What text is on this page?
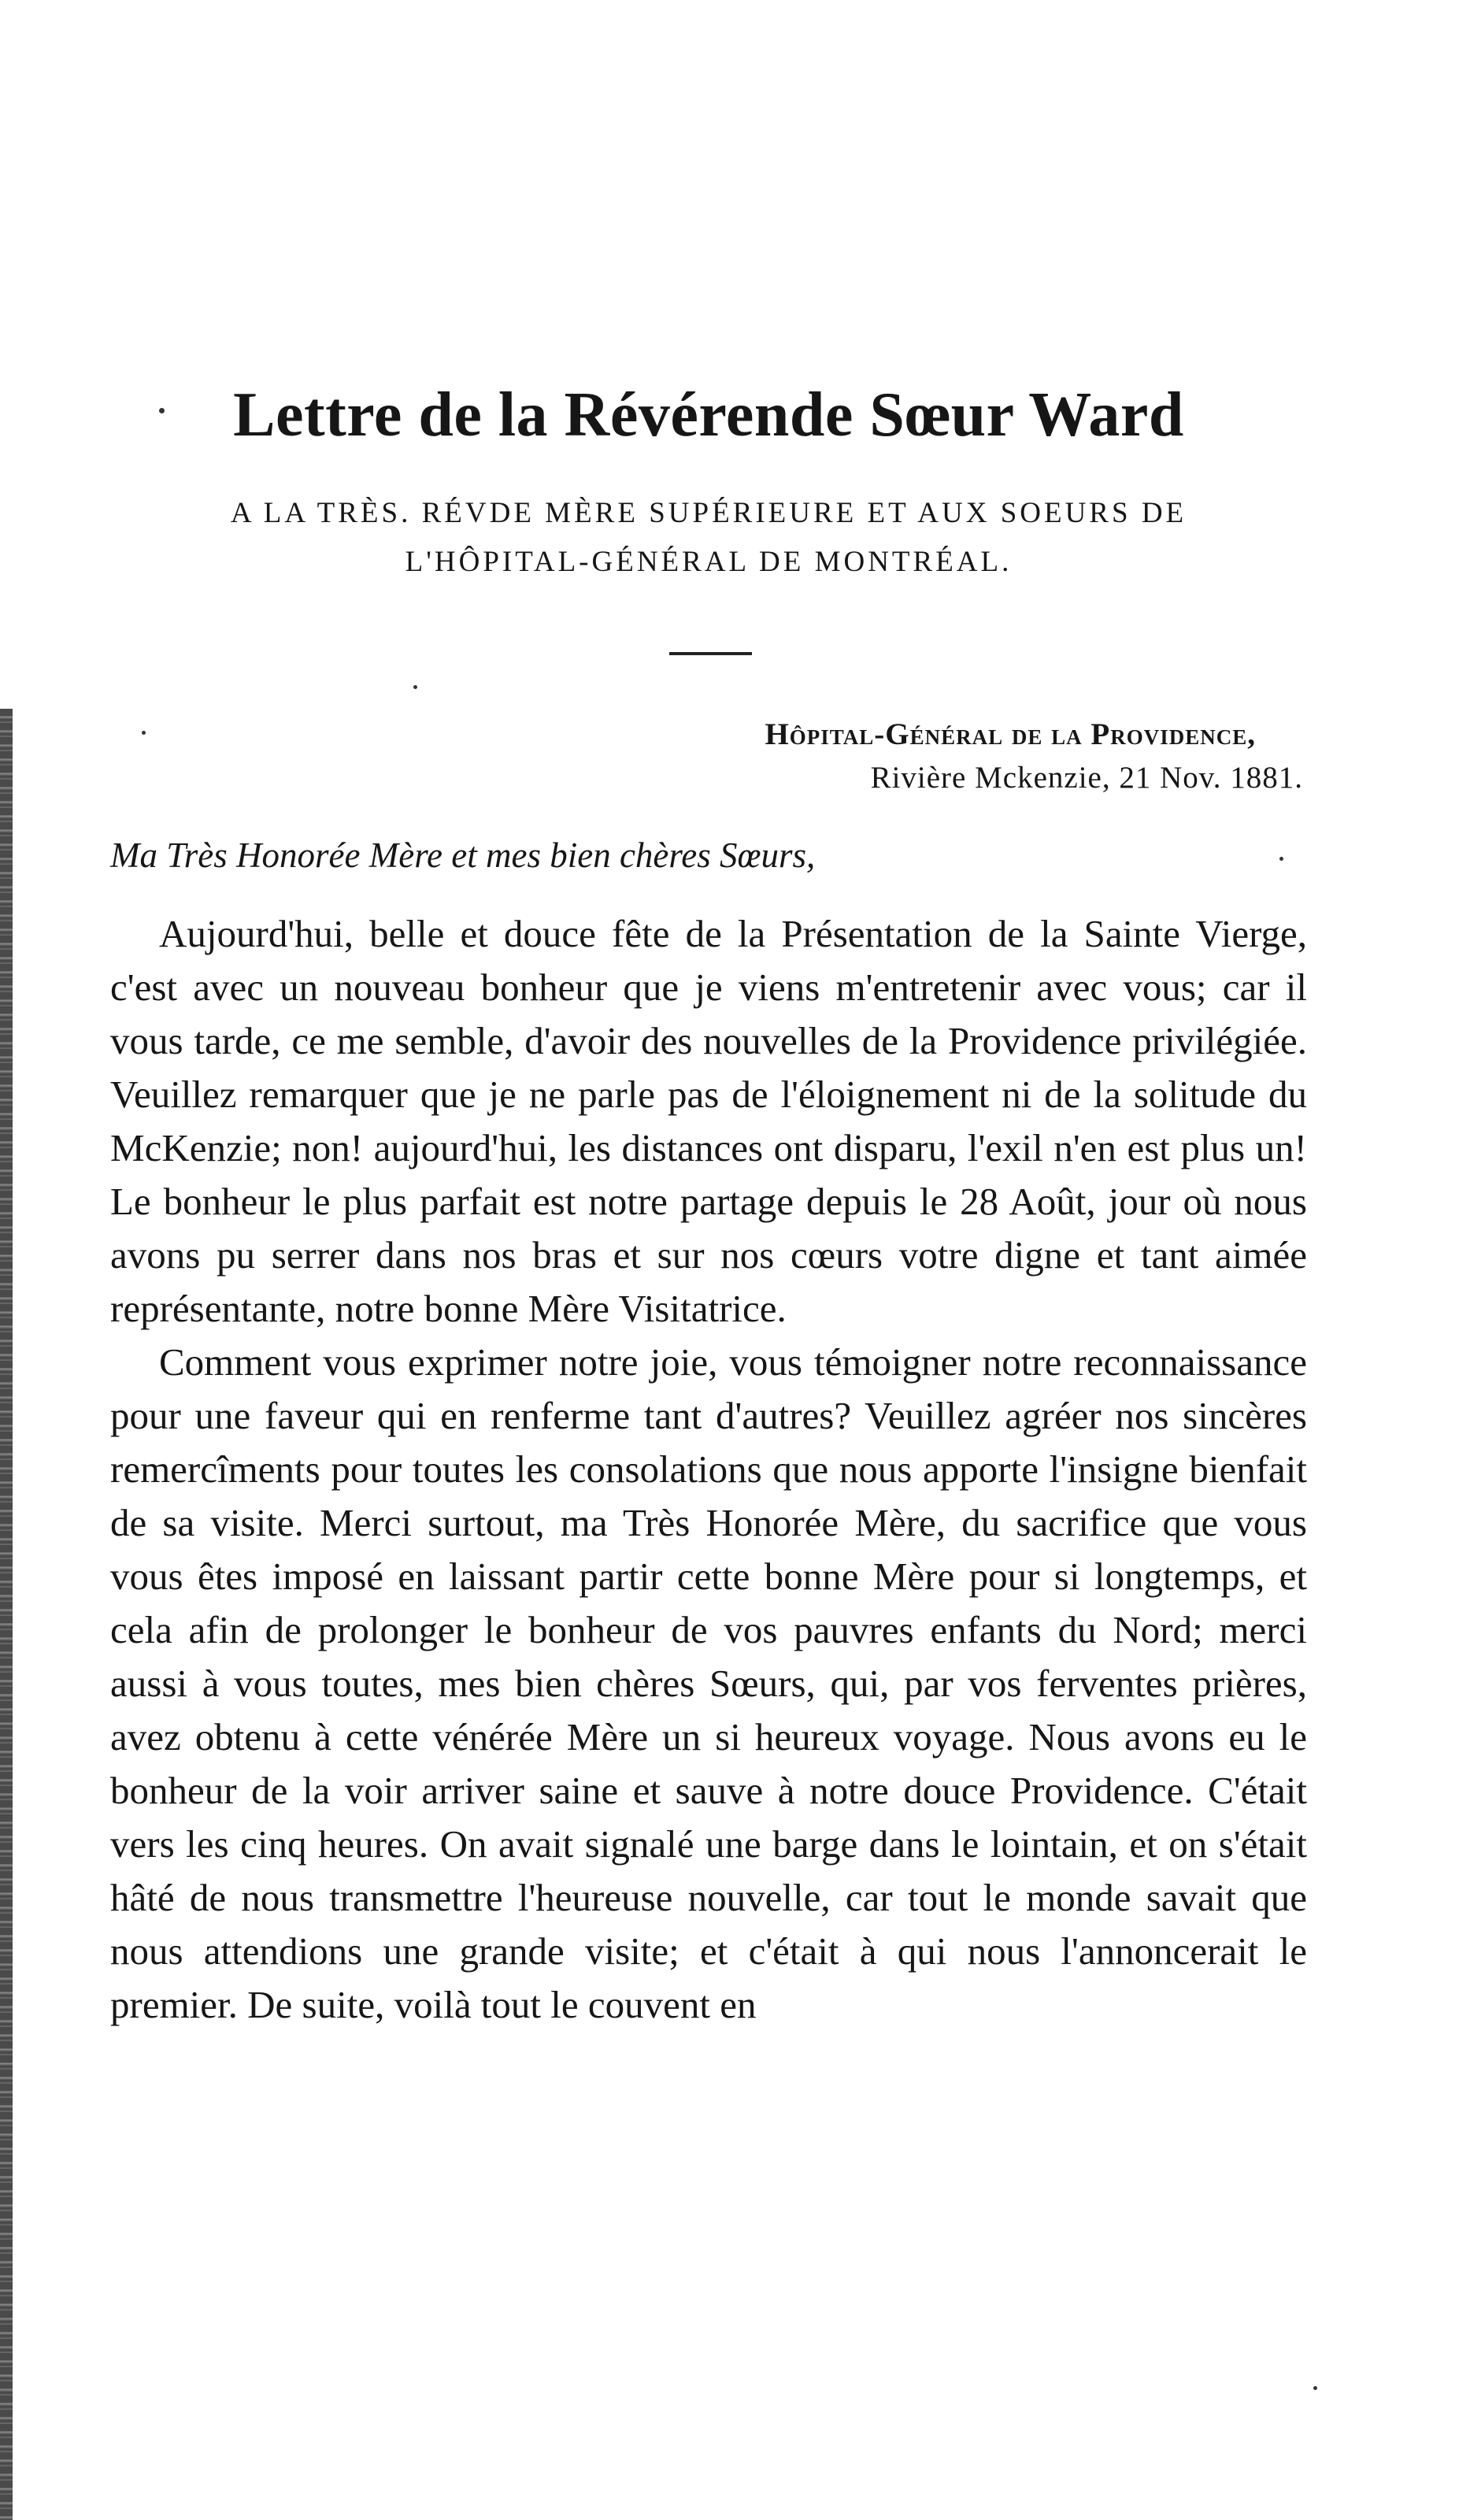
Lettre de la Révérende Sœur Ward

A LA TRÈS. RÉVDE MÈRE SUPÉRIEURE ET AUX SOEURS DE

L'HÔPITAL-GÉNÉRAL DE MONTRÉAL.

Hôpital-Général de la Providence,

Rivière Mckenzie, 21 Nov. 1881.

Ma Très Honorée Mère et mes bien chères Sœurs,

Aujourd'hui, belle et douce fête de la Présentation de la Sainte Vierge, c'est avec un nouveau bonheur que je viens m'entretenir avec vous; car il vous tarde, ce me semble, d'avoir des nouvelles de la Providence privilégiée. Veuillez remarquer que je ne parle pas de l'éloignement ni de la solitude du McKenzie; non! aujourd'hui, les distances ont disparu, l'exil n'en est plus un! Le bonheur le plus parfait est notre partage depuis le 28 Août, jour où nous avons pu serrer dans nos bras et sur nos cœurs votre digne et tant aimée représentante, notre bonne Mère Visitatrice.

Comment vous exprimer notre joie, vous témoigner notre reconnaissance pour une faveur qui en renferme tant d'autres? Veuillez agréer nos sincères remercîments pour toutes les consolations que nous apporte l'insigne bienfait de sa visite. Merci surtout, ma Très Honorée Mère, du sacrifice que vous vous êtes imposé en laissant partir cette bonne Mère pour si longtemps, et cela afin de prolonger le bonheur de vos pauvres enfants du Nord; merci aussi à vous toutes, mes bien chères Sœurs, qui, par vos ferventes prières, avez obtenu à cette vénérée Mère un si heureux voyage. Nous avons eu le bonheur de la voir arriver saine et sauve à notre douce Providence. C'était vers les cinq heures. On avait signalé une barge dans le lointain, et on s'était hâté de nous transmettre l'heureuse nouvelle, car tout le monde savait que nous attendions une grande visite; et c'était à qui nous l'annoncerait le premier. De suite, voilà tout le couvent en
